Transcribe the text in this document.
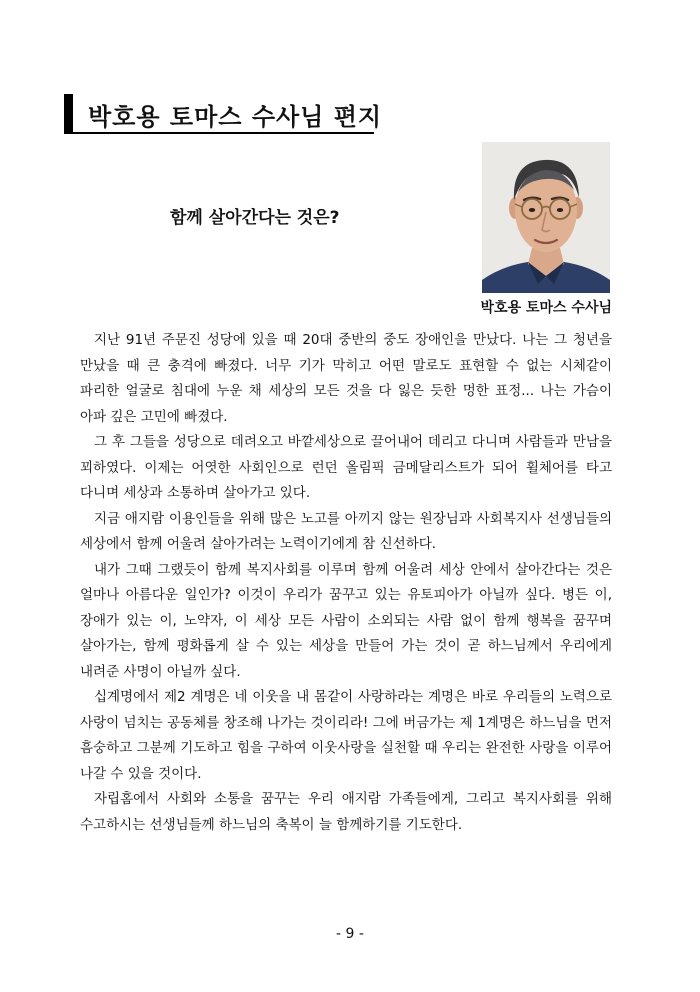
박호용 토마스 수사님 편지
함께 살아간다는 것은?

박호용 토마스 수사님

지난 91년 주문진 성당에 있을 때 20대 중반의 중도 장애인을 만났다. 나는 그 청년을 만났을 때 큰 충격에 빠졌다. 너무 기가 막히고 어떤 말로도 표현할 수 없는 시체같이 파리한 얼굴로 침대에 누운 채 세상의 모든 것을 다 잃은 듯한 멍한 표정... 나는 가슴이 아파 깊은 고민에 빠졌다.

그 후 그들을 성당으로 데려오고 바깥세상으로 끌어내어 데리고 다니며 사람들과 만남을 꾀하였다. 이제는 어엿한 사회인으로 런던 올림픽 금메달리스트가 되어 휠체어를 타고 다니며 세상과 소통하며 살아가고 있다.

지금 애지람 이용인들을 위해 많은 노고를 아끼지 않는 원장님과 사회복지사 선생님들의 세상에서 함께 어울려 살아가려는 노력이기에게 참 신선하다.

내가 그때 그랬듯이 함께 복지사회를 이루며 함께 어울려 세상 안에서 살아간다는 것은 얼마나 아름다운 일인가? 이것이 우리가 꿈꾸고 있는 유토피아가 아닐까 싶다. 병든 이, 장애가 있는 이, 노약자, 이 세상 모든 사람이 소외되는 사람 없이 함께 행복을 꿈꾸며 살아가는, 함께 평화롭게 살 수 있는 세상을 만들어 가는 것이 곧 하느님께서 우리에게 내려준 사명이 아닐까 싶다.

십계명에서 제2 계명은 네 이웃을 내 몸같이 사랑하라는 계명은 바로 우리들의 노력으로 사랑이 넘치는 공동체를 창조해 나가는 것이리라! 그에 버금가는 제 1계명은 하느님을 먼저 흠숭하고 그분께 기도하고 힘을 구하여 이웃사랑을 실천할 때 우리는 완전한 사랑을 이루어 나갈 수 있을 것이다.

자립홈에서 사회와 소통을 꿈꾸는 우리 애지람 가족들에게, 그리고 복지사회를 위해 수고하시는 선생님들께 하느님의 축복이 늘 함께하기를 기도한다.

- 9 -
